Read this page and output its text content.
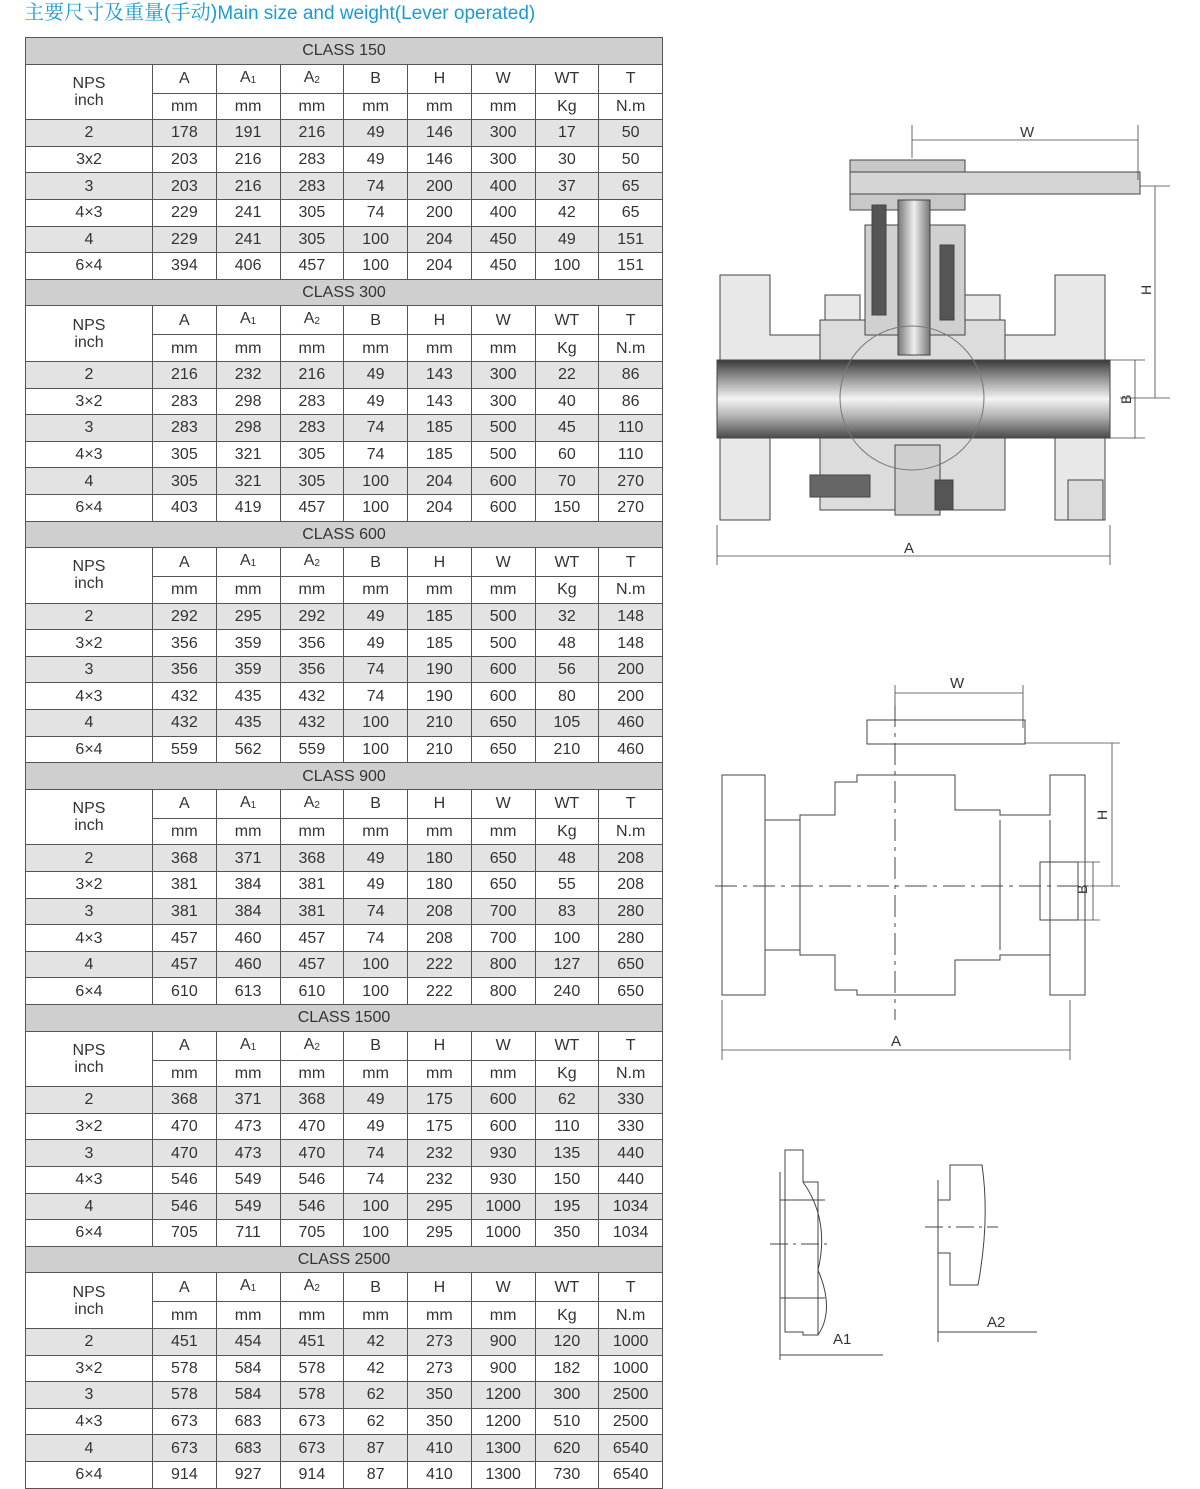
主要尺寸及重量(手动)Main size and weight(Lever operated)
CLASS 150								

NPS
inch	A	$A_1$	$A_2$	B	H	W	WT	T
	mm	mm	mm	mm	mm	mm	Kg	N.m
2	178	191	216	49	146	300	17	50
3x2	203	216	283	49	146	300	30	50
3	203	216	283	74	200	400	37	65
4×3	229	241	305	74	200	400	42	65
4	229	241	305	100	204	450	49	151
6×4	394	406	457	100	204	450	100	151
CLASS 300								

NPS
inch	A	$A_1$	$A_2$	B	H	W	WT	T
	mm	mm	mm	mm	mm	mm	Kg	N.m
2	216	232	216	49	143	300	22	86
3×2	283	298	283	49	143	300	40	86
3	283	298	283	74	185	500	45	110
4×3	305	321	305	74	185	500	60	110
4	305	321	305	100	204	600	70	270
6×4	403	419	457	100	204	600	150	270
CLASS 600								

NPS
inch	A	$A_1$	$A_2$	B	H	W	WT	T
	mm	mm	mm	mm	mm	mm	Kg	N.m
2	292	295	292	49	185	500	32	148
3×2	356	359	356	49	185	500	48	148
3	356	359	356	74	190	600	56	200
4×3	432	435	432	74	190	600	80	200
4	432	435	432	100	210	650	105	460
6×4	559	562	559	100	210	650	210	460
CLASS 900								

NPS
inch	A	$A_1$	$A_2$	B	H	W	WT	T
	mm	mm	mm	mm	mm	mm	Kg	N.m
2	368	371	368	49	180	650	48	208
3×2	381	384	381	49	180	650	55	208
3	381	384	381	74	208	700	83	280
4×3	457	460	457	74	208	700	100	280
4	457	460	457	100	222	800	127	650
6×4	610	613	610	100	222	800	240	650
CLASS 1500								

NPS
inch	A	$A_1$	$A_2$	B	H	W	WT	T
	mm	mm	mm	mm	mm	mm	Kg	N.m
2	368	371	368	49	175	600	62	330
3×2	470	473	470	49	175	600	110	330
3	470	473	470	74	232	930	135	440
4×3	546	549	546	74	232	930	150	440
4	546	549	546	100	295	1000	195	1034
6×4	705	711	705	100	295	1000	350	1034
CLASS 2500								

NPS
inch	A	$A_1$	$A_2$	B	H	W	WT	T
	mm	mm	mm	mm	mm	mm	Kg	N.m
2	451	454	451	42	273	900	120	1000
3×2	578	584	578	42	273	900	182	1000
3	578	584	578	62	350	1200	300	2500
4×3	673	683	673	62	350	1200	510	2500
4	673	683	673	87	410	1300	620	6540
6×4	914	927	914	87	410	1300	730	6540
W
H
B
A
W
H
B
A
A1
A2
